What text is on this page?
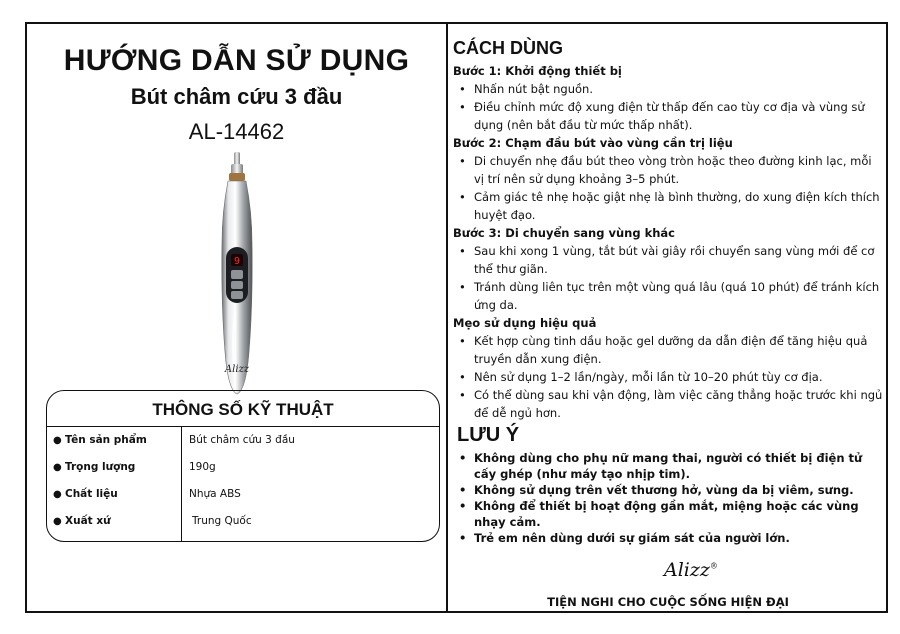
HƯỚNG DẪN SỬ DỤNG
Bút châm cứu 3 đầu
AL-14462
9
Alizz
THÔNG SỐ KỸ THUẬT
● Tên sản phẩm	Bút châm cứu 3 đầu
● Trọng lượng	190g
● Chất liệu	Nhựa ABS
● Xuất xứ	Trung Quốc
CÁCH DÙNG
Bước 1: Khởi động thiết bị
• Nhấn nút bật nguồn.
• Điều chỉnh mức độ xung điện từ thấp đến cao tùy cơ địa và vùng sử dụng (nên bắt đầu từ mức thấp nhất).
Bước 2: Chạm đầu bút vào vùng cần trị liệu
• Di chuyển nhẹ đầu bút theo vòng tròn hoặc theo đường kinh lạc, mỗi vị trí nên sử dụng khoảng 3–5 phút.
• Cảm giác tê nhẹ hoặc giật nhẹ là bình thường, do xung điện kích thích huyệt đạo.
Bước 3: Di chuyển sang vùng khác
• Sau khi xong 1 vùng, tắt bút vài giây rồi chuyển sang vùng mới để cơ thể thư giãn.
• Tránh dùng liên tục trên một vùng quá lâu (quá 10 phút) để tránh kích ứng da.
Mẹo sử dụng hiệu quả
• Kết hợp cùng tinh dầu hoặc gel dưỡng da dẫn điện để tăng hiệu quả truyền dẫn xung điện.
• Nên sử dụng 1–2 lần/ngày, mỗi lần từ 10–20 phút tùy cơ địa.
• Có thể dùng sau khi vận động, làm việc căng thẳng hoặc trước khi ngủ để dễ ngủ hơn.
LƯU Ý
• Không dùng cho phụ nữ mang thai, người có thiết bị điện tử cấy ghép (như máy tạo nhịp tim).
• Không sử dụng trên vết thương hở, vùng da bị viêm, sưng.
• Không để thiết bị hoạt động gần mắt, miệng hoặc các vùng nhạy cảm.
• Trẻ em nên dùng dưới sự giám sát của người lớn.
Alizz®
TIỆN NGHI CHO CUỘC SỐNG HIỆN ĐẠI
